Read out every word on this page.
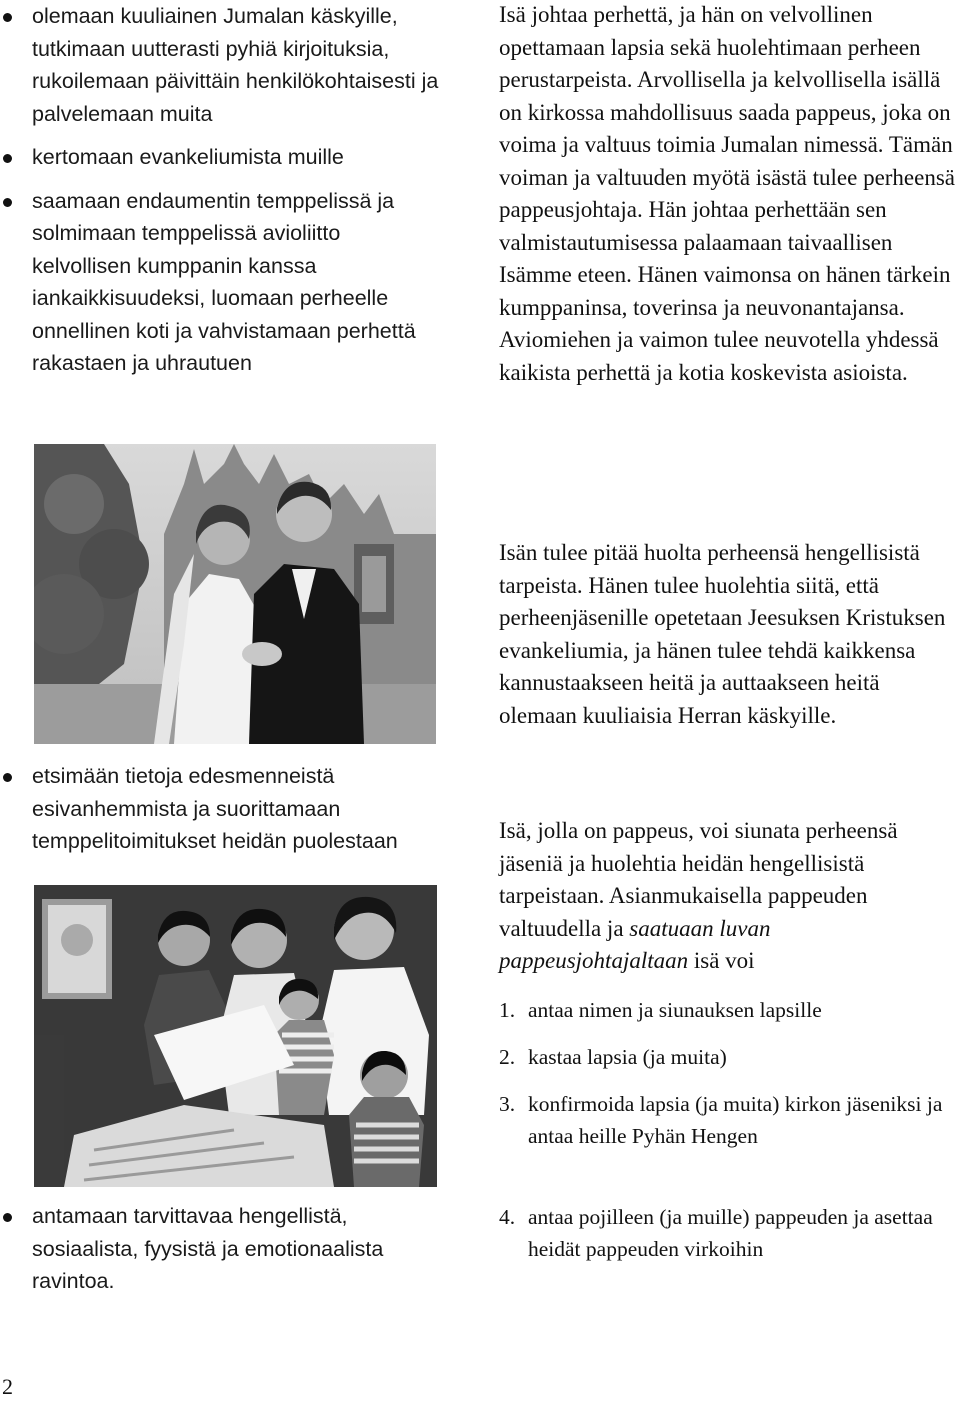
olemaan kuuliainen Jumalan käskyille, tutkimaan uutterasti pyhiä kirjoituksia, rukoilemaan päivittäin henkilökohtaisesti ja palvelemaan muita
kertomaan evankeliumista muille
saamaan endaumentin temppelissä ja solmimaan temppelissä avioliitto kelvollisen kumppanin kanssa iankaikkisuudeksi, luomaan perheelle onnellinen koti ja vahvistamaan perhettä rakastaen ja uhrautuen
etsimään tietoja edesmenneistä esivanhemmista ja suorittamaan temppelitoimitukset heidän puolestaan
antamaan tarvittavaa hengellistä, sosiaalista, fyysistä ja emotionaalista ravintoa.

Isä johtaa perhettä, ja hän on velvollinen opettamaan lapsia sekä huolehtimaan perheen perustarpeista. Arvollisella ja kelvollisella isällä on kirkossa mahdollisuus saada pappeus, joka on voima ja valtuus toimia Jumalan nimessä. Tämän voiman ja valtuuden myötä isästä tulee perheensä pappeusjohtaja. Hän johtaa perhettään sen valmistautumisessa palaamaan taivaallisen Isämme eteen. Hänen vaimonsa on hänen tärkein kumppaninsa, toverinsa ja neuvonantajansa. Aviomiehen ja vaimon tulee neuvotella yhdessä kaikista perhettä ja kotia koskevista asioista.

Isän tulee pitää huolta perheensä hengellisistä tarpeista. Hänen tulee huolehtia siitä, että perheenjäsenille opetetaan Jeesuksen Kristuksen evankeliumia, ja hänen tulee tehdä kaikkensa kannustaakseen heitä ja auttaakseen heitä olemaan kuuliaisia Herran käskyille.

Isä, jolla on pappeus, voi siunata perheensä jäseniä ja huolehtia heidän hengellisistä tarpeistaan. Asianmukaisella pappeuden valtuudella ja saatuaan luvan pappeusjohtajaltaan isä voi

1. antaa nimen ja siunauksen lapsille
2. kastaa lapsia (ja muita)
3. konfirmoida lapsia (ja muita) kirkon jäseniksi ja antaa heille Pyhän Hengen
4. antaa pojilleen (ja muille) pappeuden ja asettaa heidät pappeuden virkoihin
2
